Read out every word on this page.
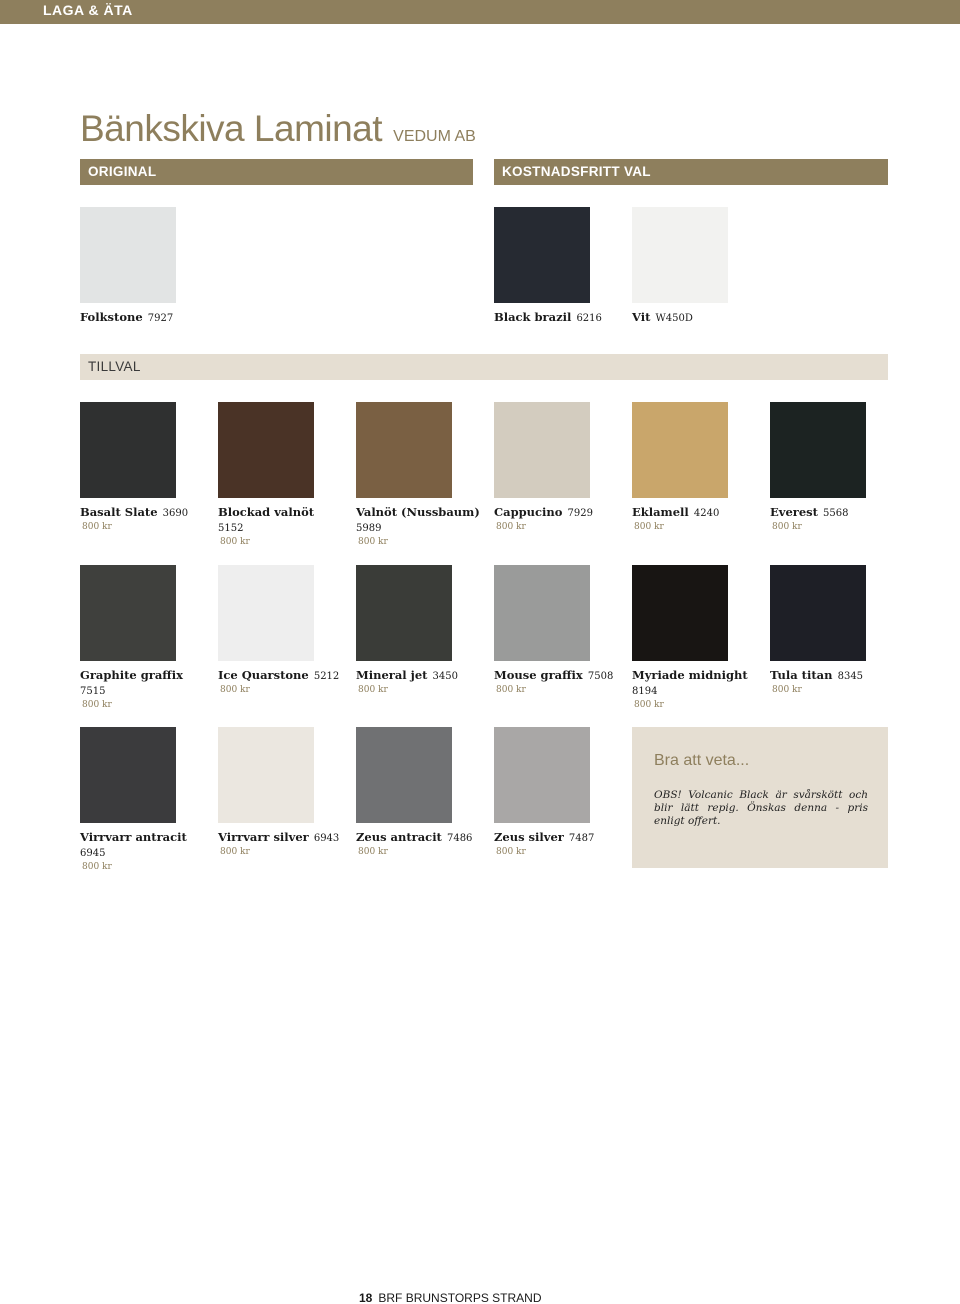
LAGA & ÄTA
Bänkskiva Laminat VEDUM AB
ORIGINAL	KOSTNADSFRITT VAL
TILLVAL
Folkstone 7927	Black brazil 6216	Vit W450D
Basalt Slate 3690
800 kr
Blockad valnöt 5152
800 kr
Valnöt (Nussbaum)
5989
800 kr
Cappucino 7929
800 kr
Eklamell 4240
800 kr
Everest 5568
800 kr
Graphite graffix 7515
800 kr
Ice Quarstone 5212
800 kr
Mineral jet 3450
800 kr
Mouse graffix 7508
800 kr
Myriade midnight
8194
800 kr
Tula titan 8345
800 kr
Virrvarr antracit
6945
800 kr
Virrvarr silver 6943
800 kr
Zeus antracit 7486
800 kr
Zeus silver 7487
800 kr
Bra att veta...
OBS! Volcanic Black är svårskött och blir lätt repig. Önskas denna - pris enligt offert.
18 BRF BRUNSTORPS STRAND
